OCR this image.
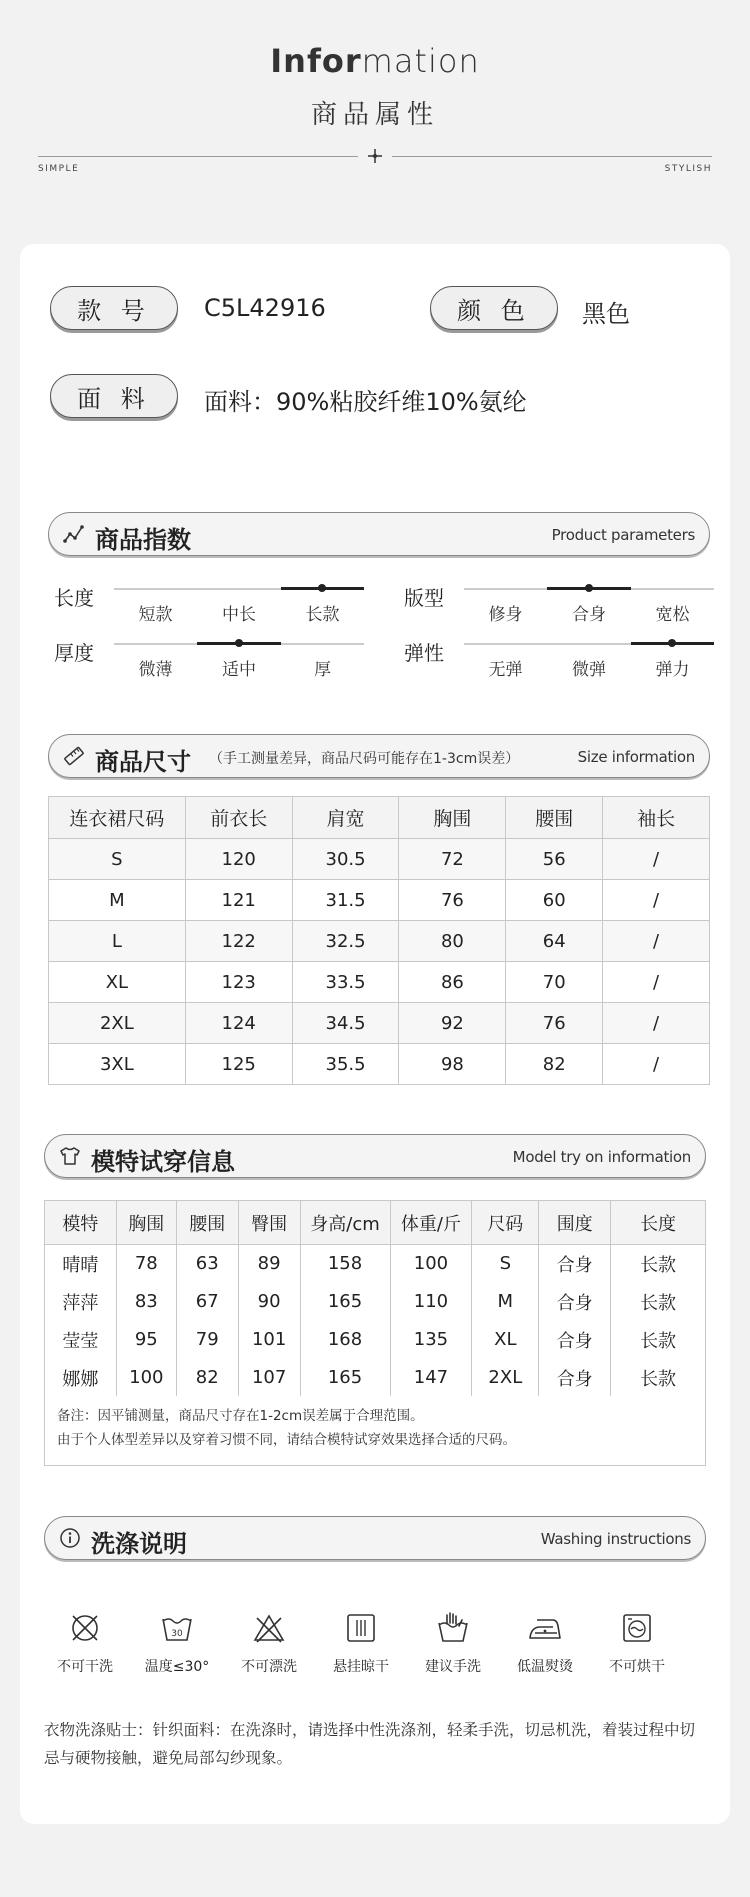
Information
商品属性
SIMPLE	STYLISH
款 号	C5L42916	颜 色	黑色
面 料	面料：90%粘胶纤维10%氨纶
商品指数	Product parameters
长度
短款	中长	长款
版型
修身	合身	宽松
厚度
微薄	适中	厚
弹性
无弹	微弹	弹力
商品尺寸 （手工测量差异，商品尺码可能存在1-3cm误差）	Size information
连衣裙尺码	前衣长	肩宽	胸围	腰围	袖长
S	120	30.5	72	56	/
M	121	31.5	76	60	/
L	122	32.5	80	64	/
XL	123	33.5	86	70	/
2XL	124	34.5	92	76	/
3XL	125	35.5	98	82	/
模特试穿信息	Model try on information
模特	胸围	腰围	臀围	身高/cm	体重/斤	尺码	围度	长度
晴晴	78	63	89	158	100	S	合身	长款
萍萍	83	67	90	165	110	M	合身	长款
莹莹	95	79	101	168	135	XL	合身	长款
娜娜	100	82	107	165	147	2XL	合身	长款
备注：因平铺测量，商品尺寸存在1-2cm误差属于合理范围。
由于个人体型差异以及穿着习惯不同，请结合模特试穿效果选择合适的尺码。
洗涤说明	Washing instructions
不可干洗
30
温度≤30°	不可漂洗	悬挂晾干	建议手洗	低温熨烫	不可烘干
衣物洗涤贴士：针织面料：在洗涤时，请选择中性洗涤剂，轻柔手洗，切忌机洗，着装过程中切忌与硬物接触，避免局部勾纱现象。
